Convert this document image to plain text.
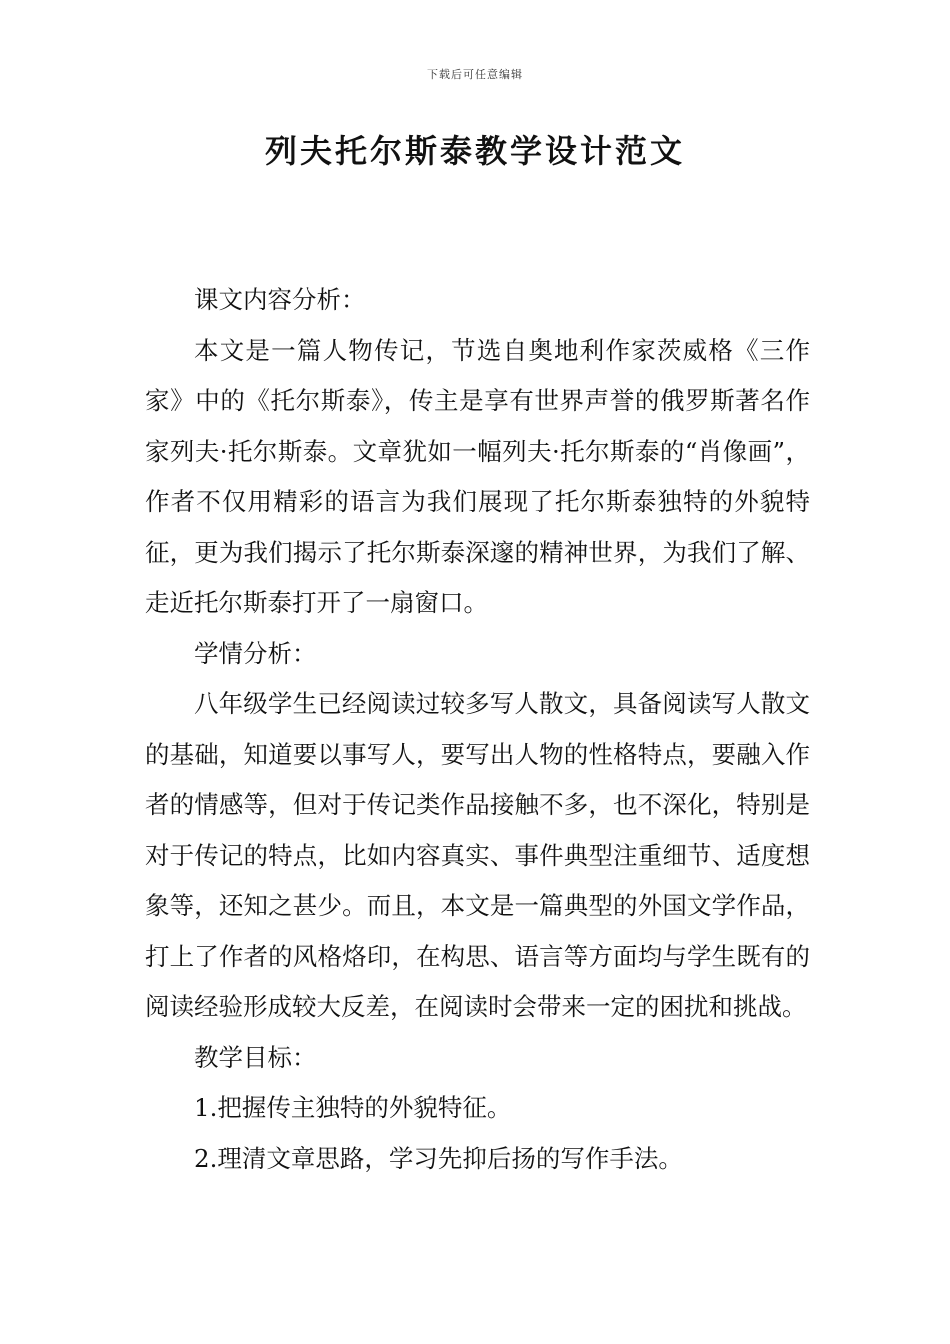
下载后可任意编辑
列夫托尔斯泰教学设计范文

课文内容分析：

本文是一篇人物传记，节选自奥地利作家茨威格《三作家》中的《托尔斯泰》，传主是享有世界声誉的俄罗斯著名作家列夫·托尔斯泰。文章犹如一幅列夫·托尔斯泰的“肖像画”，作者不仅用精彩的语言为我们展现了托尔斯泰独特的外貌特征，更为我们揭示了托尔斯泰深邃的精神世界，为我们了解、走近托尔斯泰打开了一扇窗口。

学情分析：

八年级学生已经阅读过较多写人散文，具备阅读写人散文的基础，知道要以事写人，要写出人物的性格特点，要融入作者的情感等，但对于传记类作品接触不多，也不深化，特别是对于传记的特点，比如内容真实、事件典型注重细节、适度想象等，还知之甚少。而且，本文是一篇典型的外国文学作品，打上了作者的风格烙印，在构思、语言等方面均与学生既有的阅读经验形成较大反差，在阅读时会带来一定的困扰和挑战。

教学目标：

1.把握传主独特的外貌特征。

2.理清文章思路，学习先抑后扬的写作手法。
